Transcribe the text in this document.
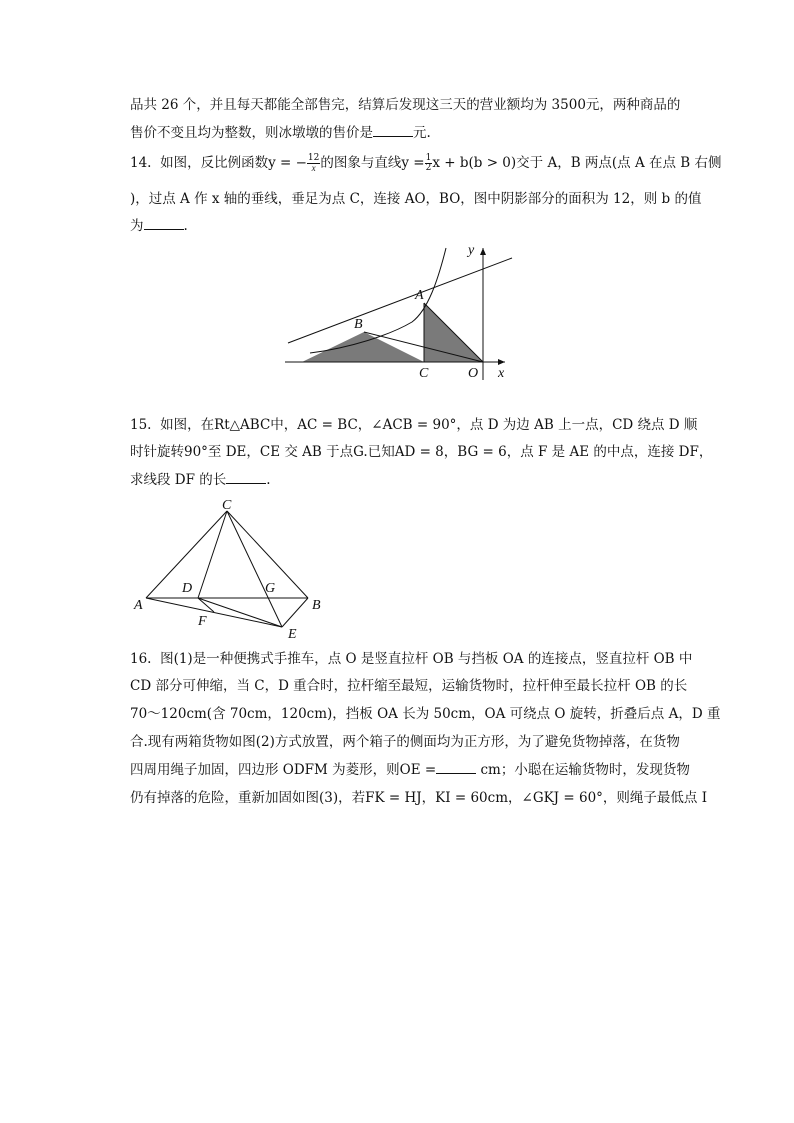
品共 26 个，并且每天都能全部售完，结算后发现这三天的营业额均为 3500元，两种商品的
售价不变且均为整数，则冰墩墩的售价是	元.
14. 如图，反比例函数y = − $\frac{12}{x}$ 的图象与直线$y = \frac{1}{2}$ x + b(b > 0)交于 A，B 两点(点 A 在点 B 右侧
)，过点 A 作 x 轴的垂线，垂足为点 C，连接 AO，BO，图中阴影部分的面积为 12，则 b 的值
为	.
y
A
B
C	O x
15. 如图，在Rt△ABC中，AC = BC，∠ACB = 90°，点 D 为边 AB 上一点，CD 绕点 D 顺
时针旋转90°至 DE，CE 交 AB 于点G.已知AD = 8，BG = 6，点 F 是 AE 的中点，连接 DF，
求线段 DF 的长	.
C
D	G
A	B
F
E
16. 图(1)是一种便携式手推车，点 O 是竖直拉杆 OB 与挡板 OA 的连接点，竖直拉杆 OB 中
CD 部分可伸缩，当 C，D 重合时，拉杆缩至最短，运输货物时，拉杆伸至最长拉杆 OB 的长
70～120cm(含 70cm，120cm)，挡板 OA 长为 50cm，OA 可绕点 O 旋转，折叠后点 A，D 重
合.现有两箱货物如图(2)方式放置，两个箱子的侧面均为正方形，为了避免货物掉落，在货物
四周用绳子加固，四边形 ODFM 为菱形，则OE =	cm；小聪在运输货物时，发现货物
仍有掉落的危险，重新加固如图(3)，若FK = HJ，KI = 60cm，∠GKJ = 60°，则绳子最低点 I
